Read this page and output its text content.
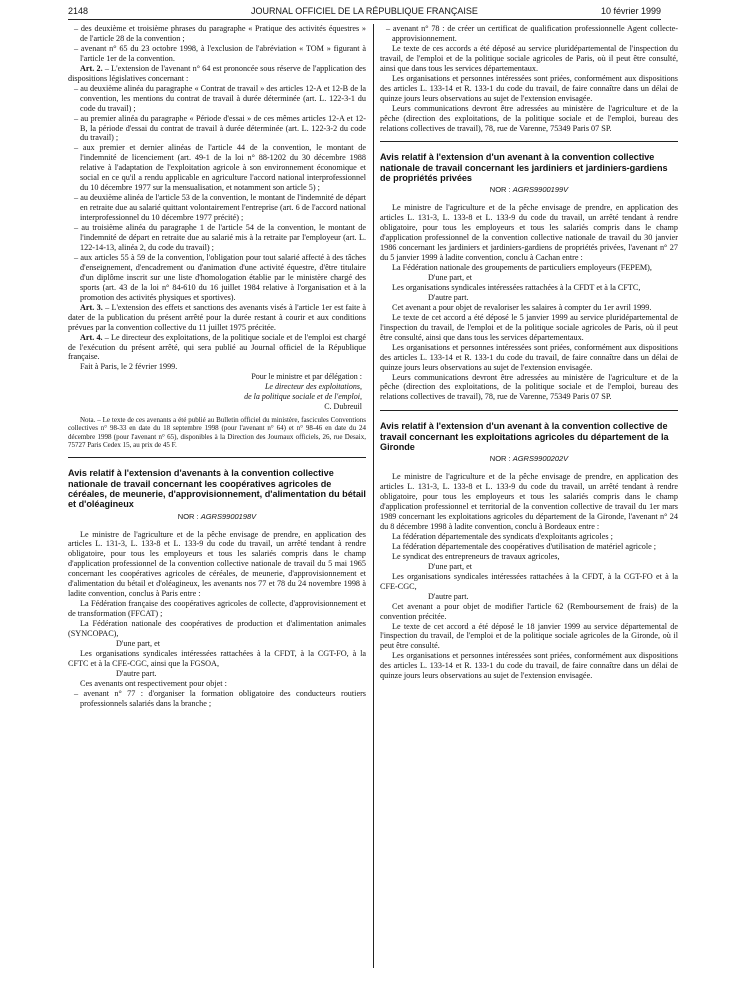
2148	JOURNAL OFFICIEL DE LA RÉPUBLIQUE FRANÇAISE	10 février 1999

– des deuxième et troisième phrases du paragraphe « Pratique des activités équestres » de l'article 28 de la convention ;

– avenant n° 65 du 23 octobre 1998, à l'exclusion de l'abréviation « TOM » figurant à l'article 1er de la convention.

Art. 2. – L'extension de l'avenant n° 64 est prononcée sous réserve de l'application des dispositions législatives concernant :

– au deuxième alinéa du paragraphe « Contrat de travail » des articles 12-A et 12-B de la convention, les mentions du contrat de travail à durée déterminée (art. L. 122-3-1 du code du travail) ;

– au premier alinéa du paragraphe « Période d'essai » de ces mêmes articles 12-A et 12-B, la période d'essai du contrat de travail à durée déterminée (art. L. 122-3-2 du code du travail) ;

– aux premier et dernier alinéas de l'article 44 de la convention, le montant de l'indemnité de licenciement (art. 49-1 de la loi n° 88-1202 du 30 décembre 1988 relative à l'adaptation de l'exploitation agricole à son environnement économique et social en ce qu'il a rendu applicable en agriculture l'accord national interprofessionnel du 10 décembre 1977 sur la mensualisation, et notamment son article 5) ;

– au deuxième alinéa de l'article 53 de la convention, le montant de l'indemnité de départ en retraite due au salarié quittant volontairement l'entreprise (art. 6 de l'accord national interprofessionnel du 10 décembre 1977 précité) ;

– au troisième alinéa du paragraphe 1 de l'article 54 de la convention, le montant de l'indemnité de départ en retraite due au salarié mis à la retraite par l'employeur (art. L. 122-14-13, alinéa 2, du code du travail) ;

– aux articles 55 à 59 de la convention, l'obligation pour tout salarié affecté à des tâches d'enseignement, d'encadrement ou d'animation d'une activité équestre, d'être titulaire d'un diplôme inscrit sur une liste d'homologation établie par le ministère chargé des sports (art. 43 de la loi n° 84-610 du 16 juillet 1984 relative à l'organisation et à la promotion des activités physiques et sportives).

Art. 3. – L'extension des effets et sanctions des avenants visés à l'article 1er est faite à dater de la publication du présent arrêté pour la durée restant à courir et aux conditions prévues par la convention collective du 11 juillet 1975 précitée.

Art. 4. – Le directeur des exploitations, de la politique sociale et de l'emploi est chargé de l'exécution du présent arrêté, qui sera publié au Journal officiel de la République française.

Fait à Paris, le 2 février 1999.

Pour le ministre et par délégation :

Le directeur des exploitations,

de la politique sociale et de l'emploi,

C. Dubreuil

Nota. – Le texte de ces avenants a été publié au Bulletin officiel du ministère, fascicules Conventions collectives n° 98-33 en date du 18 septembre 1998 (pour l'avenant n° 64) et n° 98-46 en date du 24 décembre 1998 (pour l'avenant n° 65), disponibles à la Direction des Journaux officiels, 26, rue Desaix, 75727 Paris Cedex 15, au prix de 45 F.

Avis relatif à l'extension d'avenants à la convention collective nationale de travail concernant les coopératives agricoles de céréales, de meunerie, d'approvisionnement, d'alimentation du bétail et d'oléagineux

NOR : AGRS9900198V

Le ministre de l'agriculture et de la pêche envisage de prendre, en application des articles L. 131-3, L. 133-8 et L. 133-9 du code du travail, un arrêté tendant à rendre obligatoire, pour tous les employeurs et tous les salariés compris dans le champ d'application professionnel de la convention collective nationale de travail du 5 mai 1965 concernant les coopératives agricoles de céréales, de meunerie, d'approvisionnement et d'alimentation du bétail et d'oléagineux, les avenants nos 77 et 78 du 24 novembre 1998 à ladite convention, conclus à Paris entre :

La Fédération française des coopératives agricoles de collecte, d'approvisionnement et de transformation (FFCAT) ;

La Fédération nationale des coopératives de production et d'alimentation animales (SYNCOPAC),

D'une part, et

Les organisations syndicales intéressées rattachées à la CFDT, à la CGT-FO, à la CFTC et à la CFE-CGC, ainsi que la FGSOA,

D'autre part.

Ces avenants ont respectivement pour objet :

– avenant n° 77 : d'organiser la formation obligatoire des conducteurs routiers professionnels salariés dans la branche ;

– avenant n° 78 : de créer un certificat de qualification professionnelle Agent collecte-approvisionnement.

Le texte de ces accords a été déposé au service pluridépartemental de l'inspection du travail, de l'emploi et de la politique sociale agricoles de Paris, où il peut être consulté, ainsi que dans tous les services départementaux.

Les organisations et personnes intéressées sont priées, conformément aux dispositions des articles L. 133-14 et R. 133-1 du code du travail, de faire connaître dans un délai de quinze jours leurs observations au sujet de l'extension envisagée.

Leurs communications devront être adressées au ministère de l'agriculture et de la pêche (direction des exploitations, de la politique sociale et de l'emploi, bureau des relations collectives de travail), 78, rue de Varenne, 75349 Paris 07 SP.

Avis relatif à l'extension d'un avenant à la convention collective nationale de travail concernant les jardiniers et jardiniers-gardiens de propriétés privées

NOR : AGRS9900199V

Le ministre de l'agriculture et de la pêche envisage de prendre, en application des articles L. 131-3, L. 133-8 et L. 133-9 du code du travail, un arrêté tendant à rendre obligatoire, pour tous les employeurs et tous les salariés compris dans le champ d'application professionnel de la convention collective nationale de travail du 30 janvier 1986 concernant les jardiniers et jardiniers-gardiens de propriétés privées, l'avenant n° 27 du 5 janvier 1999 à ladite convention, conclu à Cachan entre :

La Fédération nationale des groupements de particuliers employeurs (FEPEM),

D'une part, et

Les organisations syndicales intéressées rattachées à la CFDT et à la CFTC,

D'autre part.

Cet avenant a pour objet de revaloriser les salaires à compter du 1er avril 1999.

Le texte de cet accord a été déposé le 5 janvier 1999 au service pluridépartemental de l'inspection du travail, de l'emploi et de la politique sociale agricoles de Paris, où il peut être consulté, ainsi que dans tous les services départementaux.

Les organisations et personnes intéressées sont priées, conformément aux dispositions des articles L. 133-14 et R. 133-1 du code du travail, de faire connaître dans un délai de quinze jours leurs observations au sujet de l'extension envisagée.

Leurs communications devront être adressées au ministère de l'agriculture et de la pêche (direction des exploitations, de la politique sociale et de l'emploi, bureau des relations collectives de travail), 78, rue de Varenne, 75349 Paris 07 SP.

Avis relatif à l'extension d'un avenant à la convention collective de travail concernant les exploitations agricoles du département de la Gironde

NOR : AGRS9900202V

Le ministre de l'agriculture et de la pêche envisage de prendre, en application des articles L. 131-3, L. 133-8 et L. 133-9 du code du travail, un arrêté tendant à rendre obligatoire, pour tous les employeurs et tous les salariés compris dans le champ d'application professionnel et territorial de la convention collective de travail du 1er mars 1989 concernant les exploitations agricoles du département de la Gironde, l'avenant n° 24 du 8 décembre 1998 à ladite convention, conclu à Bordeaux entre :

La fédération départementale des syndicats d'exploitants agricoles ;

La fédération départementale des coopératives d'utilisation de matériel agricole ;

Le syndicat des entrepreneurs de travaux agricoles,

D'une part, et

Les organisations syndicales intéressées rattachées à la CFDT, à la CGT-FO et à la CFE-CGC,

D'autre part.

Cet avenant a pour objet de modifier l'article 62 (Remboursement de frais) de la convention précitée.

Le texte de cet accord a été déposé le 18 janvier 1999 au service départemental de l'inspection du travail, de l'emploi et de la politique sociale agricoles de la Gironde, où il peut être consulté.

Les organisations et personnes intéressées sont priées, conformément aux dispositions des articles L. 133-14 et R. 133-1 du code du travail, de faire connaître dans un délai de quinze jours leurs observations au sujet de l'extension envisagée.
